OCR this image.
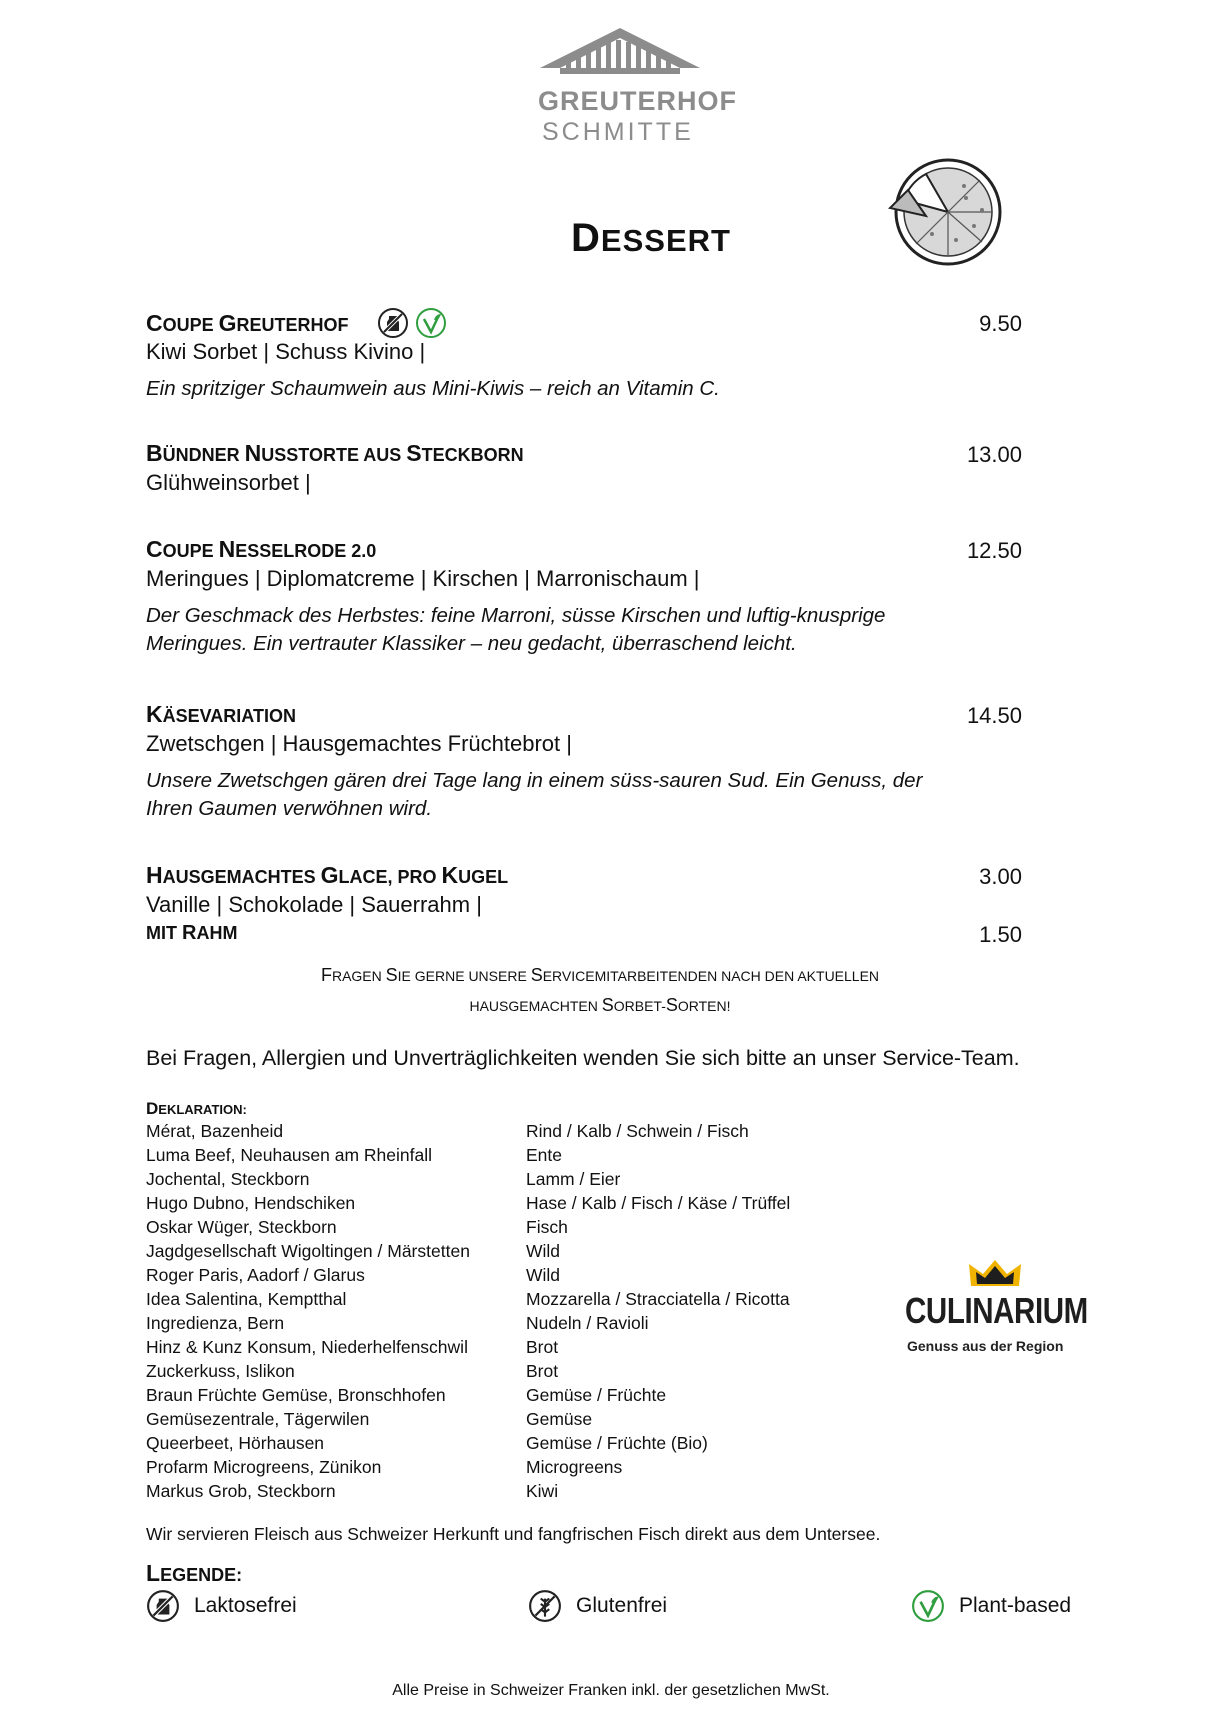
GREUTERHOF
SCHMITTE
DESSERT
COUPE GREUTERHOF	9.50
Kiwi Sorbet | Schuss Kivino |
Ein spritziger Schaumwein aus Mini-Kiwis – reich an Vitamin C.
BÜNDNER NUSSTORTE AUS STECKBORN	13.00
Glühweinsorbet |
COUPE NESSELRODE 2.0	12.50
Meringues | Diplomatcreme | Kirschen | Marronischaum |
Der Geschmack des Herbstes: feine Marroni, süsse Kirschen und luftig-knusprige Meringues. Ein vertrauter Klassiker – neu gedacht, überraschend leicht.
KÄSEVARIATION	14.50
Zwetschgen | Hausgemachtes Früchtebrot |
Unsere Zwetschgen gären drei Tage lang in einem süss-sauren Sud. Ein Genuss, der Ihren Gaumen verwöhnen wird.
HAUSGEMACHTES GLACE, PRO KUGEL	3.00
Vanille | Schokolade | Sauerrahm |
MIT RAHM	1.50
FRAGEN SIE GERNE UNSERE SERVICEMITARBEITENDEN NACH DEN AKTUELLEN
HAUSGEMACHTEN SORBET-SORTEN!
Bei Fragen, Allergien und Unverträglichkeiten wenden Sie sich bitte an unser Service-Team.
DEKLARATION:
Mérat, Bazenheid	Rind / Kalb / Schwein / Fisch
Luma Beef, Neuhausen am Rheinfall	Ente
Jochental, Steckborn	Lamm / Eier
Hugo Dubno, Hendschiken	Hase / Kalb / Fisch / Käse / Trüffel
Oskar Wüger, Steckborn	Fisch
Jagdgesellschaft Wigoltingen / Märstetten	Wild
Roger Paris, Aadorf / Glarus	Wild
Idea Salentina, Kemptthal	Mozzarella / Stracciatella / Ricotta
Ingredienza, Bern	Nudeln / Ravioli
Hinz & Kunz Konsum, Niederhelfenschwil	Brot
Zuckerkuss, Islikon	Brot
Braun Früchte Gemüse, Bronschhofen	Gemüse / Früchte
Gemüsezentrale, Tägerwilen	Gemüse
Queerbeet, Hörhausen	Gemüse / Früchte (Bio)
Profarm Microgreens, Zünikon	Microgreens
Markus Grob, Steckborn	Kiwi
CULINARIUM
Genuss aus der Region
Wir servieren Fleisch aus Schweizer Herkunft und fangfrischen Fisch direkt aus dem Untersee.
LEGENDE:
Laktosefrei	Glutenfrei	Plant-based
Alle Preise in Schweizer Franken inkl. der gesetzlichen MwSt.
